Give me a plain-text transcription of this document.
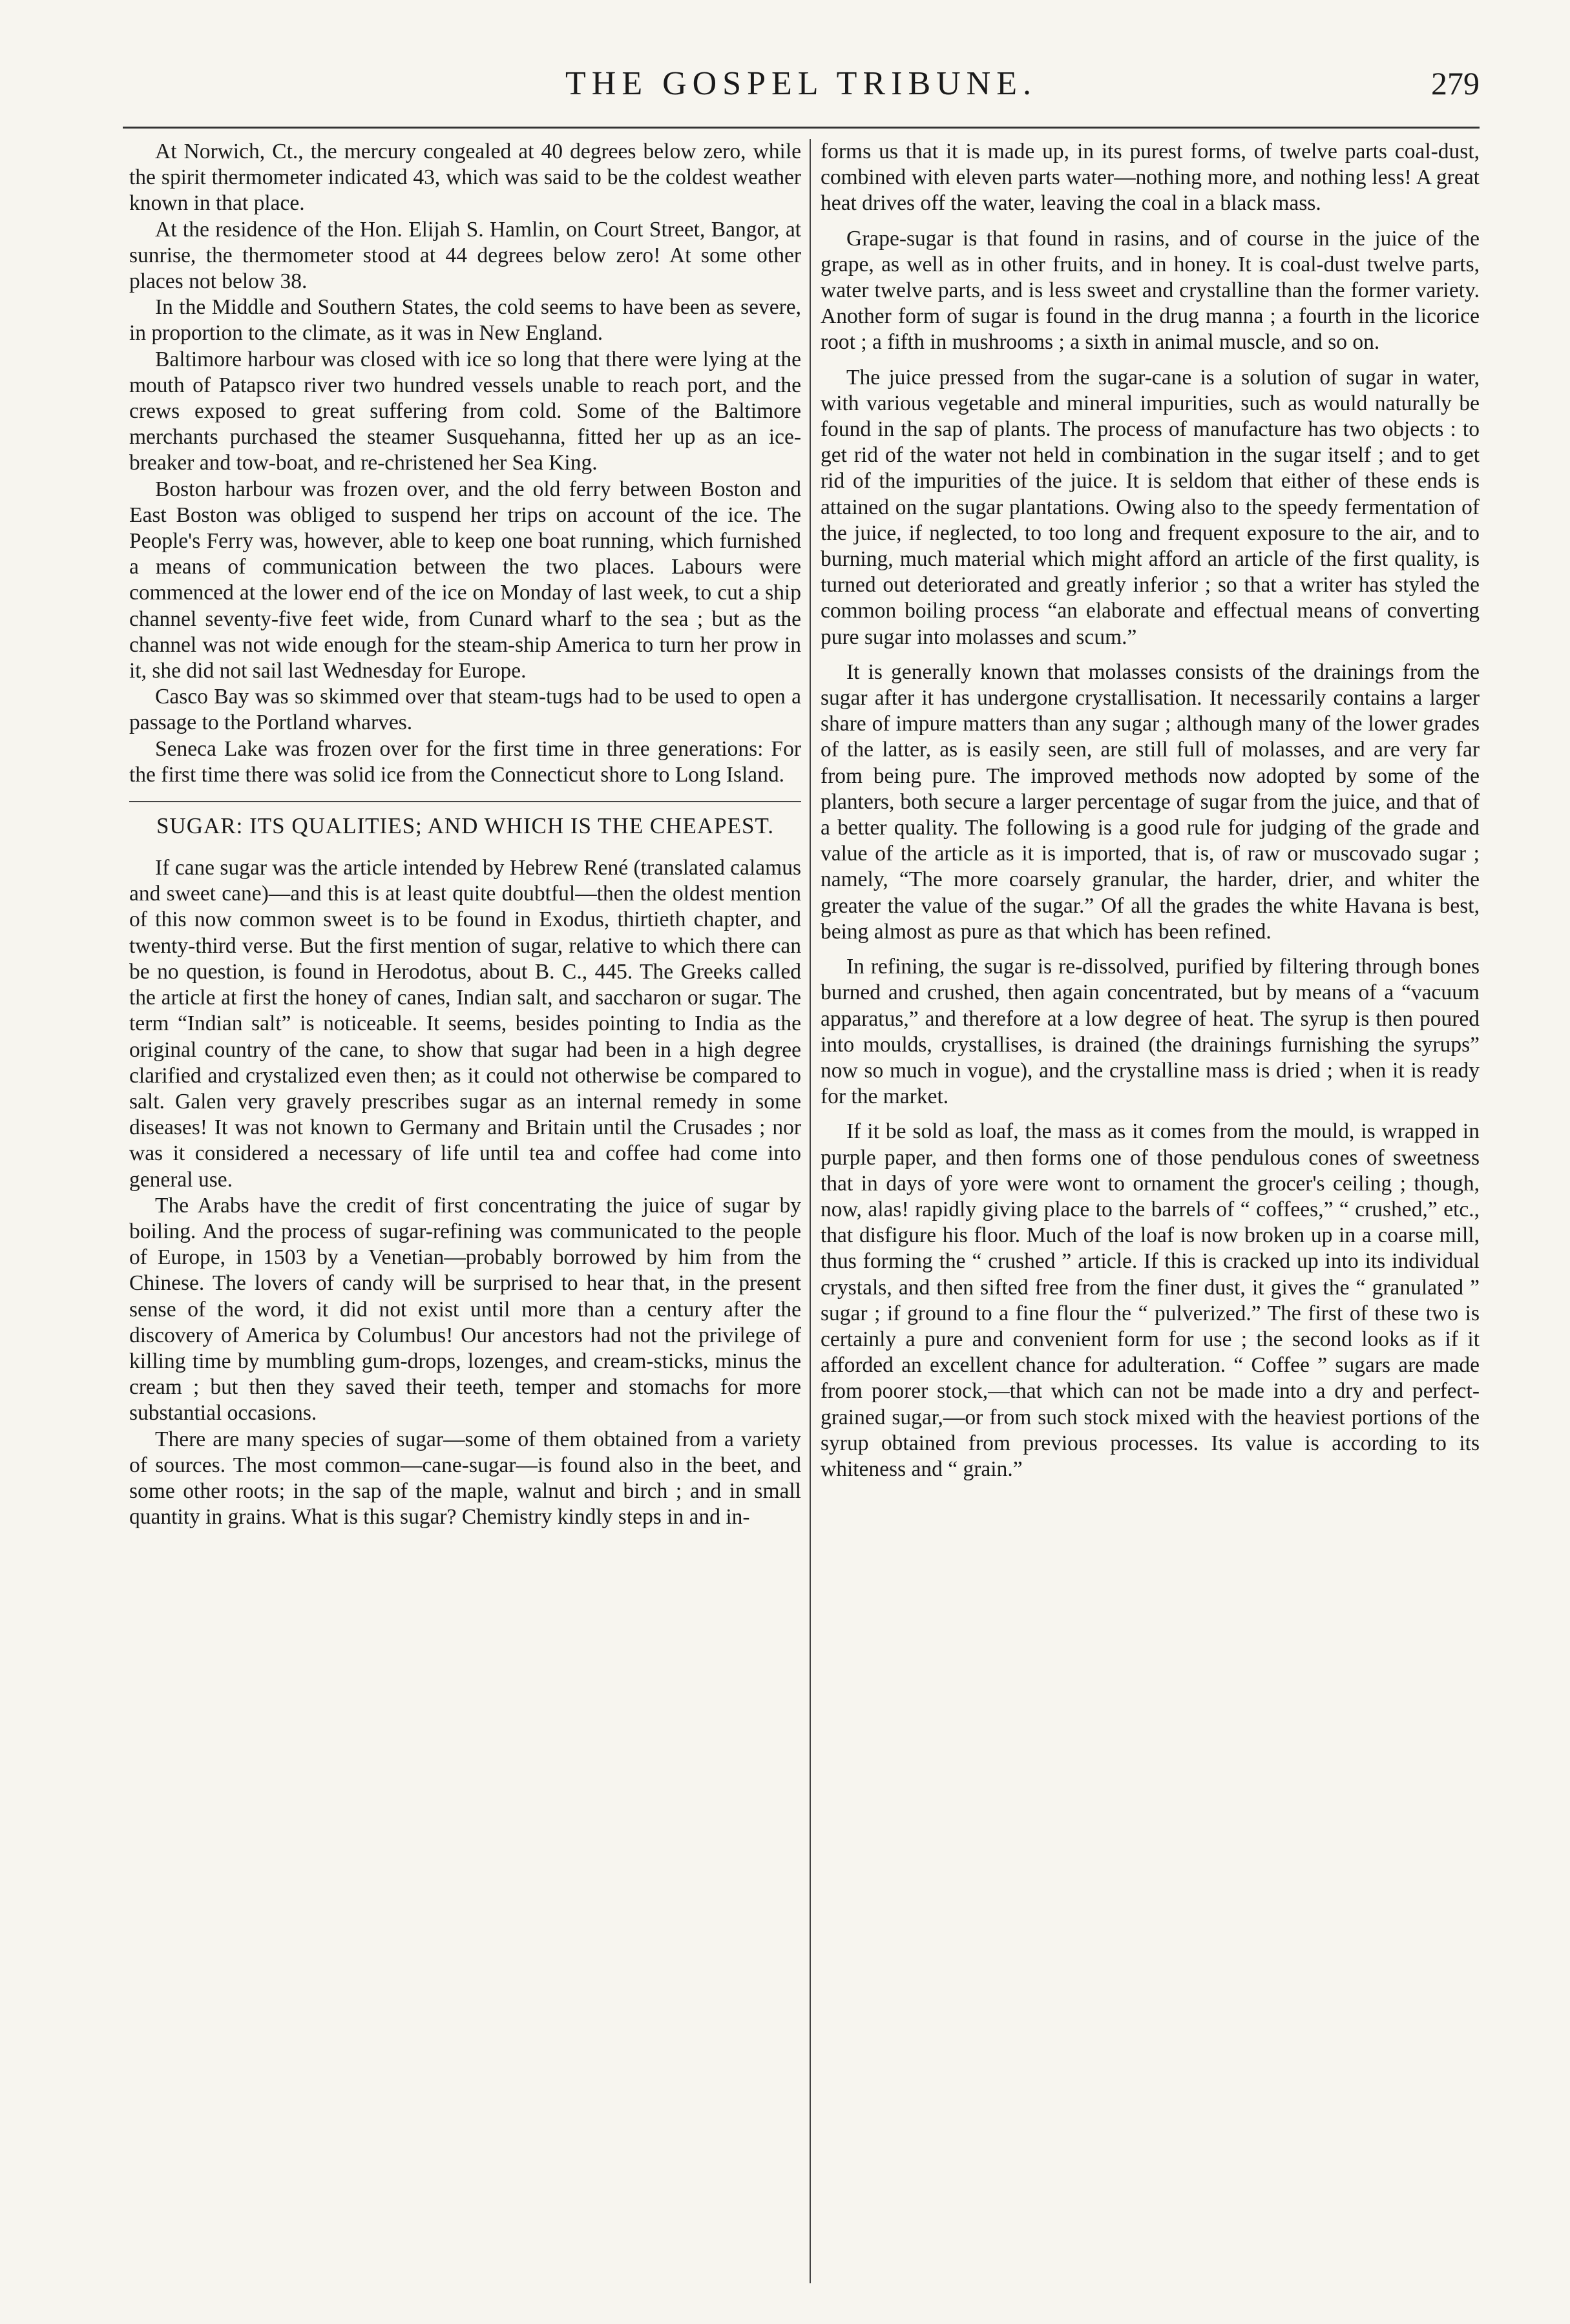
THE GOSPEL TRIBUNE.	279

At Norwich, Ct., the mercury congealed at 40 degrees below zero, while the spirit thermometer indicated 43, which was said to be the coldest weather known in that place.

At the residence of the Hon. Elijah S. Hamlin, on Court Street, Bangor, at sunrise, the thermometer stood at 44 degrees below zero! At some other places not below 38.

In the Middle and Southern States, the cold seems to have been as severe, in proportion to the climate, as it was in New England.

Baltimore harbour was closed with ice so long that there were lying at the mouth of Patapsco river two hundred vessels unable to reach port, and the crews exposed to great suffering from cold. Some of the Baltimore merchants purchased the steamer Susquehanna, fitted her up as an ice-breaker and tow-boat, and re-christened her Sea King.

Boston harbour was frozen over, and the old ferry between Boston and East Boston was obliged to suspend her trips on account of the ice. The People's Ferry was, however, able to keep one boat running, which furnished a means of communication between the two places. Labours were commenced at the lower end of the ice on Monday of last week, to cut a ship channel seventy-five feet wide, from Cunard wharf to the sea ; but as the channel was not wide enough for the steam-ship America to turn her prow in it, she did not sail last Wednesday for Europe.

Casco Bay was so skimmed over that steam-tugs had to be used to open a passage to the Portland wharves.

Seneca Lake was frozen over for the first time in three generations: For the first time there was solid ice from the Connecticut shore to Long Island.

SUGAR: ITS QUALITIES; AND WHICH IS THE CHEAPEST.

If cane sugar was the article intended by Hebrew René (translated calamus and sweet cane)—and this is at least quite doubtful—then the oldest mention of this now common sweet is to be found in Exodus, thirtieth chapter, and twenty-third verse. But the first mention of sugar, relative to which there can be no question, is found in Herodotus, about B. C., 445. The Greeks called the article at first the honey of canes, Indian salt, and saccharon or sugar. The term “Indian salt” is noticeable. It seems, besides pointing to India as the original country of the cane, to show that sugar had been in a high degree clarified and crystalized even then; as it could not otherwise be compared to salt. Galen very gravely prescribes sugar as an internal remedy in some diseases! It was not known to Germany and Britain until the Crusades ; nor was it considered a necessary of life until tea and coffee had come into general use.

The Arabs have the credit of first concentrating the juice of sugar by boiling. And the process of sugar-refining was communicated to the people of Europe, in 1503 by a Venetian—probably borrowed by him from the Chinese. The lovers of candy will be surprised to hear that, in the present sense of the word, it did not exist until more than a century after the discovery of America by Columbus! Our ancestors had not the privilege of killing time by mumbling gum-drops, lozenges, and cream-sticks, minus the cream ; but then they saved their teeth, temper and stomachs for more substantial occasions.

There are many species of sugar—some of them obtained from a variety of sources. The most common—cane-sugar—is found also in the beet, and some other roots; in the sap of the maple, walnut and birch ; and in small quantity in grains. What is this sugar? Chemistry kindly steps in and in-

forms us that it is made up, in its purest forms, of twelve parts coal-dust, combined with eleven parts water—nothing more, and nothing less! A great heat drives off the water, leaving the coal in a black mass.

Grape-sugar is that found in rasins, and of course in the juice of the grape, as well as in other fruits, and in honey. It is coal-dust twelve parts, water twelve parts, and is less sweet and crystalline than the former variety. Another form of sugar is found in the drug manna ; a fourth in the licorice root ; a fifth in mushrooms ; a sixth in animal muscle, and so on.

The juice pressed from the sugar-cane is a solution of sugar in water, with various vegetable and mineral impurities, such as would naturally be found in the sap of plants. The process of manufacture has two objects : to get rid of the water not held in combination in the sugar itself ; and to get rid of the impurities of the juice. It is seldom that either of these ends is attained on the sugar plantations. Owing also to the speedy fermentation of the juice, if neglected, to too long and frequent exposure to the air, and to burning, much material which might afford an article of the first quality, is turned out deteriorated and greatly inferior ; so that a writer has styled the common boiling process “an elaborate and effectual means of converting pure sugar into molasses and scum.”

It is generally known that molasses consists of the drainings from the sugar after it has undergone crystallisation. It necessarily contains a larger share of impure matters than any sugar ; although many of the lower grades of the latter, as is easily seen, are still full of molasses, and are very far from being pure. The improved methods now adopted by some of the planters, both secure a larger percentage of sugar from the juice, and that of a better quality. The following is a good rule for judging of the grade and value of the article as it is imported, that is, of raw or muscovado sugar ; namely, “The more coarsely granular, the harder, drier, and whiter the greater the value of the sugar.” Of all the grades the white Havana is best, being almost as pure as that which has been refined.

In refining, the sugar is re-dissolved, purified by filtering through bones burned and crushed, then again concentrated, but by means of a “vacuum apparatus,” and therefore at a low degree of heat. The syrup is then poured into moulds, crystallises, is drained (the drainings furnishing the syrups” now so much in vogue), and the crystalline mass is dried ; when it is ready for the market.

If it be sold as loaf, the mass as it comes from the mould, is wrapped in purple paper, and then forms one of those pendulous cones of sweetness that in days of yore were wont to ornament the grocer's ceiling ; though, now, alas! rapidly giving place to the barrels of “ coffees,” “ crushed,” etc., that disfigure his floor. Much of the loaf is now broken up in a coarse mill, thus forming the “ crushed ” article. If this is cracked up into its individual crystals, and then sifted free from the finer dust, it gives the “ granulated ” sugar ; if ground to a fine flour the “ pulverized.” The first of these two is certainly a pure and convenient form for use ; the second looks as if it afforded an excellent chance for adulteration. “ Coffee ” sugars are made from poorer stock,—that which can not be made into a dry and perfect-grained sugar,—or from such stock mixed with the heaviest portions of the syrup obtained from previous processes. Its value is according to its whiteness and “ grain.”
